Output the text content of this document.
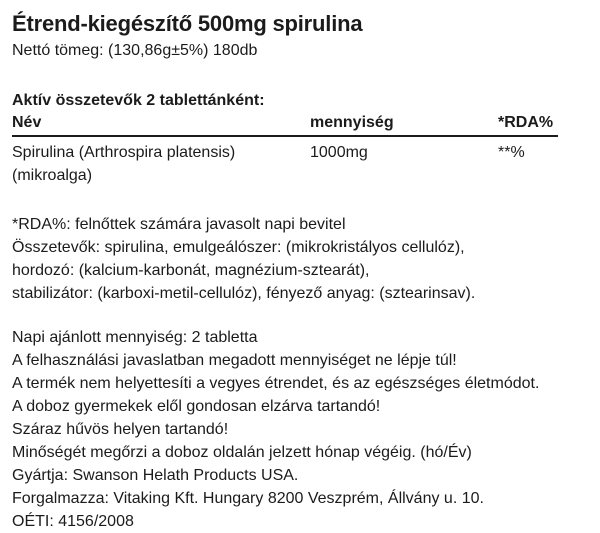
Étrend-kiegészítő 500mg spirulina
Nettó tömeg: (130,86g±5%) 180db
Aktív összetevők 2 tablettánként:
Név	mennyiség	*RDA%
Spirulina (Arthrospira platensis)
(mikroalga)
1000mg	**%

*RDA%: felnőttek számára javasolt napi bevitel
Összetevők: spirulina, emulgeálószer: (mikrokristályos cellulóz),
hordozó: (kalcium-karbonát, magnézium-sztearát),
stabilizátor: (karboxi-metil-cellulóz), fényező anyag: (sztearinsav).

Napi ajánlott mennyiség: 2 tabletta
A felhasználási javaslatban megadott mennyiséget ne lépje túl!
A termék nem helyettesíti a vegyes étrendet, és az egészséges életmódot.
A doboz gyermekek elől gondosan elzárva tartandó!
Száraz hűvös helyen tartandó!

Minőségét megőrzi a doboz oldalán jelzett hónap végéig. (hó/Év)
Gyártja: Swanson Helath Products USA.
Forgalmazza: Vitaking Kft. Hungary 8200 Veszprém, Állvány u. 10.
OÉTI: 4156/2008
